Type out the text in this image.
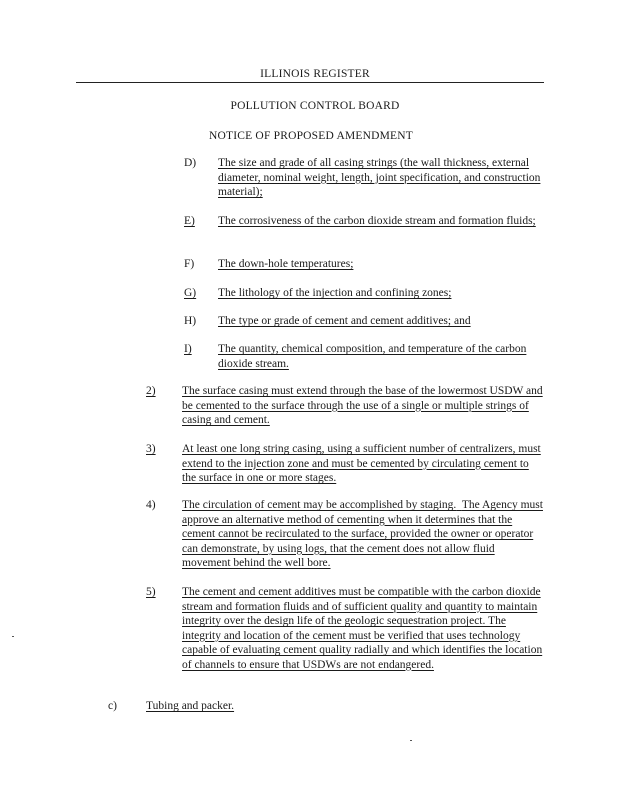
ILLINOIS REGISTER
POLLUTION CONTROL BOARD
NOTICE OF PROPOSED AMENDMENT
D) The size and grade of all casing strings (the wall thickness, external diameter, nominal weight, length, joint specification, and construction material);
E) The corrosiveness of the carbon dioxide stream and formation fluids;
F) The down-hole temperatures;
G) The lithology of the injection and confining zones;
H) The type or grade of cement and cement additives; and
I) The quantity, chemical composition, and temperature of the carbon dioxide stream.
2) The surface casing must extend through the base of the lowermost USDW and be cemented to the surface through the use of a single or multiple strings of casing and cement.
3) At least one long string casing, using a sufficient number of centralizers, must extend to the injection zone and must be cemented by circulating cement to the surface in one or more stages.
4) The circulation of cement may be accomplished by staging. The Agency must approve an alternative method of cementing when it determines that the cement cannot be recirculated to the surface, provided the owner or operator can demonstrate, by using logs, that the cement does not allow fluid movement behind the well bore.
5) The cement and cement additives must be compatible with the carbon dioxide stream and formation fluids and of sufficient quality and quantity to maintain integrity over the design life of the geologic sequestration project. The integrity and location of the cement must be verified that uses technology capable of evaluating cement quality radially and which identifies the location of channels to ensure that USDWs are not endangered.
c)	Tubing and packer.
